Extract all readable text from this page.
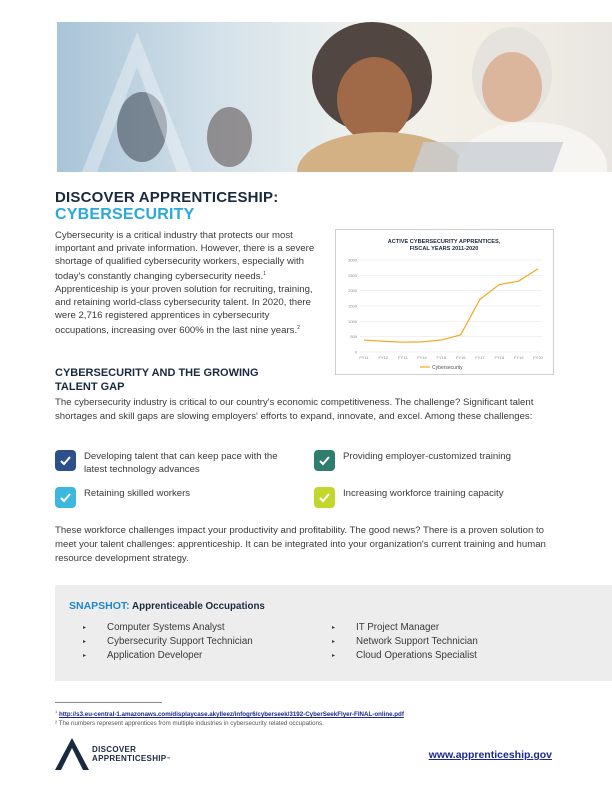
DISCOVER APPRENTICESHIP:
CYBERSECURITY

Cybersecurity is a critical industry that protects our most important and private information. However, there is a severe shortage of qualified cybersecurity workers, especially with today's constantly changing cybersecurity needs.$^1$ Apprenticeship is your proven solution for recruiting, training, and retaining world-class cybersecurity talent. In 2020, there were 2,716 registered apprentices in cybersecurity occupations, increasing over 600% in the last nine years.$^2$

ACTIVE CYBERSECURITY APPRENTICES,
FISCAL YEARS 2011-2020
3000
2500
2000
1500
1000
500
0
FY11 FY12 FY13 FY14 FY15 FY16 FY17 FY18 FY19 FY20
Cybersecurity
CYBERSECURITY AND THE GROWING
TALENT GAP

The cybersecurity industry is critical to our country's economic competitiveness. The challenge? Significant talent shortages and skill gaps are slowing employers' efforts to expand, innovate, and excel. Among these challenges:

Developing talent that can keep pace with the latest technology advances
Providing employer-customized training
Retaining skilled workers	Increasing workforce training capacity

These workforce challenges impact your productivity and profitability. The good news? There is a proven solution to meet your talent challenges: apprenticeship. It can be integrated into your organization's current training and human resource development strategy.

SNAPSHOT: Apprenticeable Occupations
▸	Computer Systems Analyst
▸	Cybersecurity Support Technician
▸	Application Developer
▸	IT Project Manager
▸	Network Support Technician
▸	Cloud Operations Specialist

$^1$ http://s3.eu-central-1.amazonaws.com/displaycase.akylleez/infogr6/cyberseek/3192-CyberSeekFlyer-FINAL-online.pdf

² The numbers represent apprentices from multiple industries in cybersecurity related occupations.

DISCOVER
APPRENTICESHIP™	www.apprenticeship.gov
